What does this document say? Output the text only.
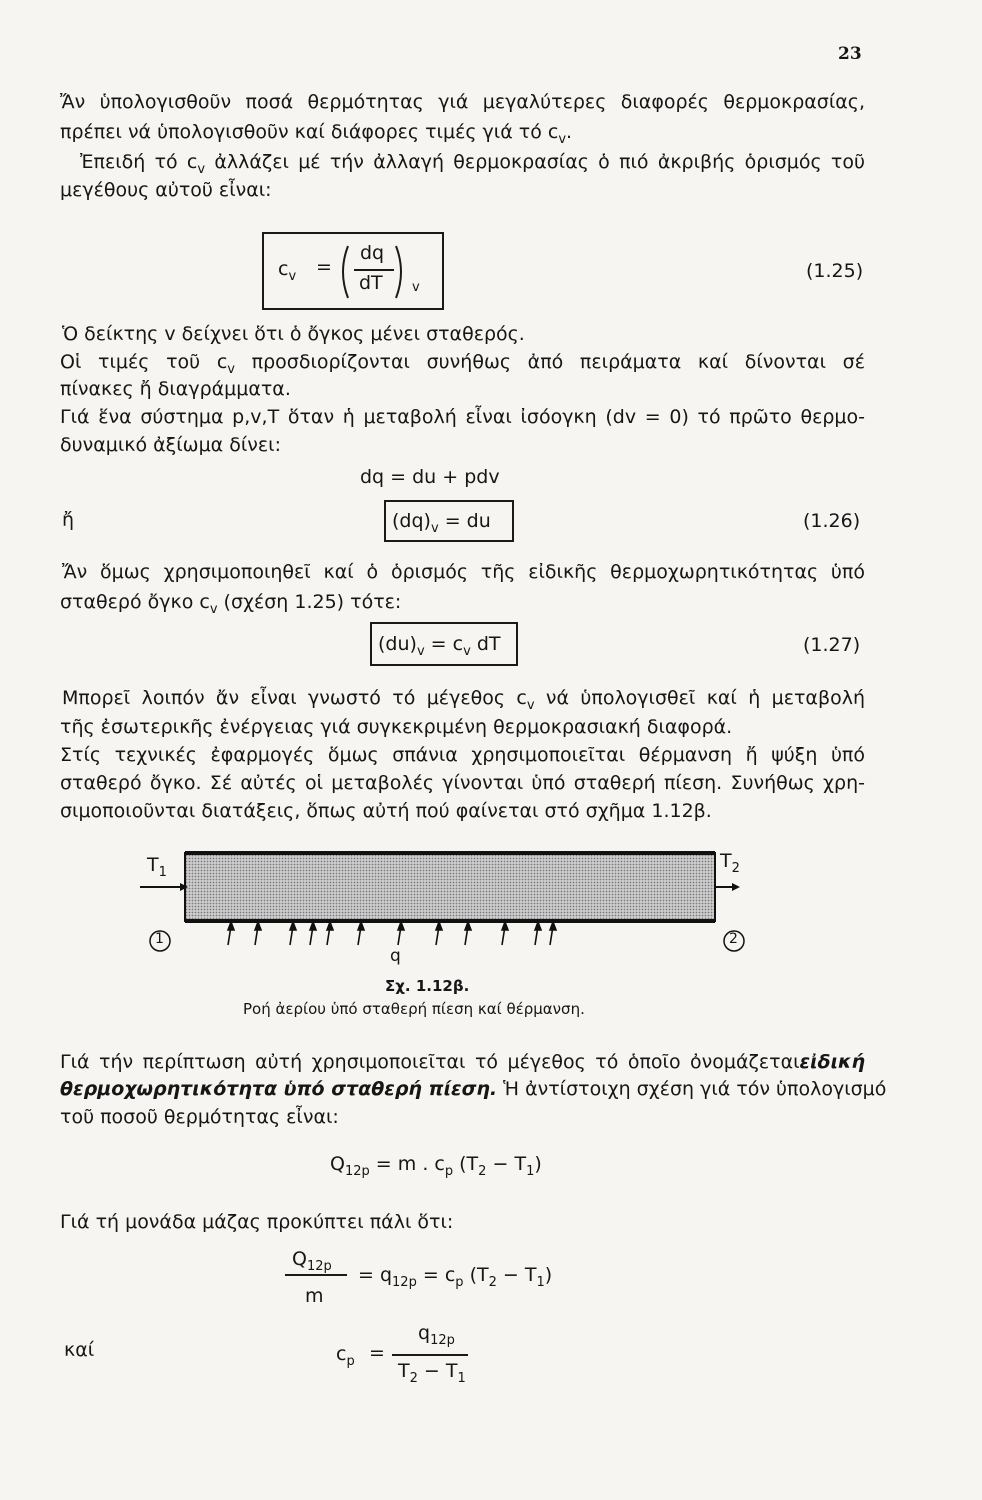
23
Ἄν ὑπολογισθοῦν ποσά θερμότητας γιά μεγαλύτερες διαφορές θερμοκρασίας,
πρέπει νά ὑπολογισθοῦν καί διάφορες τιμές γιά τό $c_v$.
Ἐπειδή τό $c_v$ ἀλλάζει μέ τήν ἀλλαγή θερμοκρασίας ὁ πιό ἀκριβής ὁρισμός τοῦ
μεγέθους αὐτοῦ εἶναι:
$c_v$ =
dq
dT v
(1.25)
Ὁ δείκτης v δείχνει ὅτι ὁ ὄγκος μένει σταθερός.
Οἱ τιμές τοῦ $c_v$ προσδιορίζονται συνήθως ἀπό πειράματα καί δίνονται σέ
πίνακες ἤ διαγράμματα.
Γιά ἕνα σύστημα p,v,T ὅταν ἡ μεταβολή εἶναι ἰσόογκη (dv = 0) τό πρῶτο θερμο-
δυναμικό ἀξίωμα δίνει:
dq = du + pdv
ἤ	$(dq)_v$ = du	(1.26)
Ἄν ὅμως χρησιμοποιηθεῖ καί ὁ ὁρισμός τῆς εἰδικῆς θερμοχωρητικότητας ὑπό
σταθερό ὄγκο $c_v$ (σχέση 1.25) τότε:
$(du)_v = c_v$ dT	(1.27)
Μπορεῖ λοιπόν ἄν εἶναι γνωστό τό μέγεθος $c_v$ νά ὑπολογισθεῖ καί ἡ μεταβολή
τῆς ἐσωτερικῆς ἐνέργειας γιά συγκεκριμένη θερμοκρασιακή διαφορά.
Στίς τεχνικές ἐφαρμογές ὅμως σπάνια χρησιμοποιεῖται θέρμανση ἤ ψύξη ὑπό
σταθερό ὄγκο. Σέ αὐτές οἱ μεταβολές γίνονται ὑπό σταθερή πίεση. Συνήθως χρη-
σιμοποιοῦνται διατάξεις, ὅπως αὐτή πού φαίνεται στό σχῆμα 1.12β.
$T_1$
$T_2$
1	2
q
Σχ. 1.12β.
Ροή ἀερίου ὑπό σταθερή πίεση καί θέρμανση.
Γιά τήν περίπτωση αὐτή χρησιμοποιεῖται τό μέγεθος τό ὁποῖο ὀνομάζεταιεἰδική
θερμοχωρητικότητα ὑπό σταθερή πίεση. Ἡ ἀντίστοιχη σχέση γιά τόν ὑπολογισμό
τοῦ ποσοῦ θερμότητας εἶναι:
$Q_{12p} = m$ . $c_p$ $(T_2 - T_1)$
Γιά τή μονάδα μάζας προκύπτει πάλι ὅτι:
$Q_{12p}$
m
= $q_{12p} = c_p$ $(T_2 - T_1)$
καί	$c_p$ =
$q_{12p}$
$T_2 - T_1$
